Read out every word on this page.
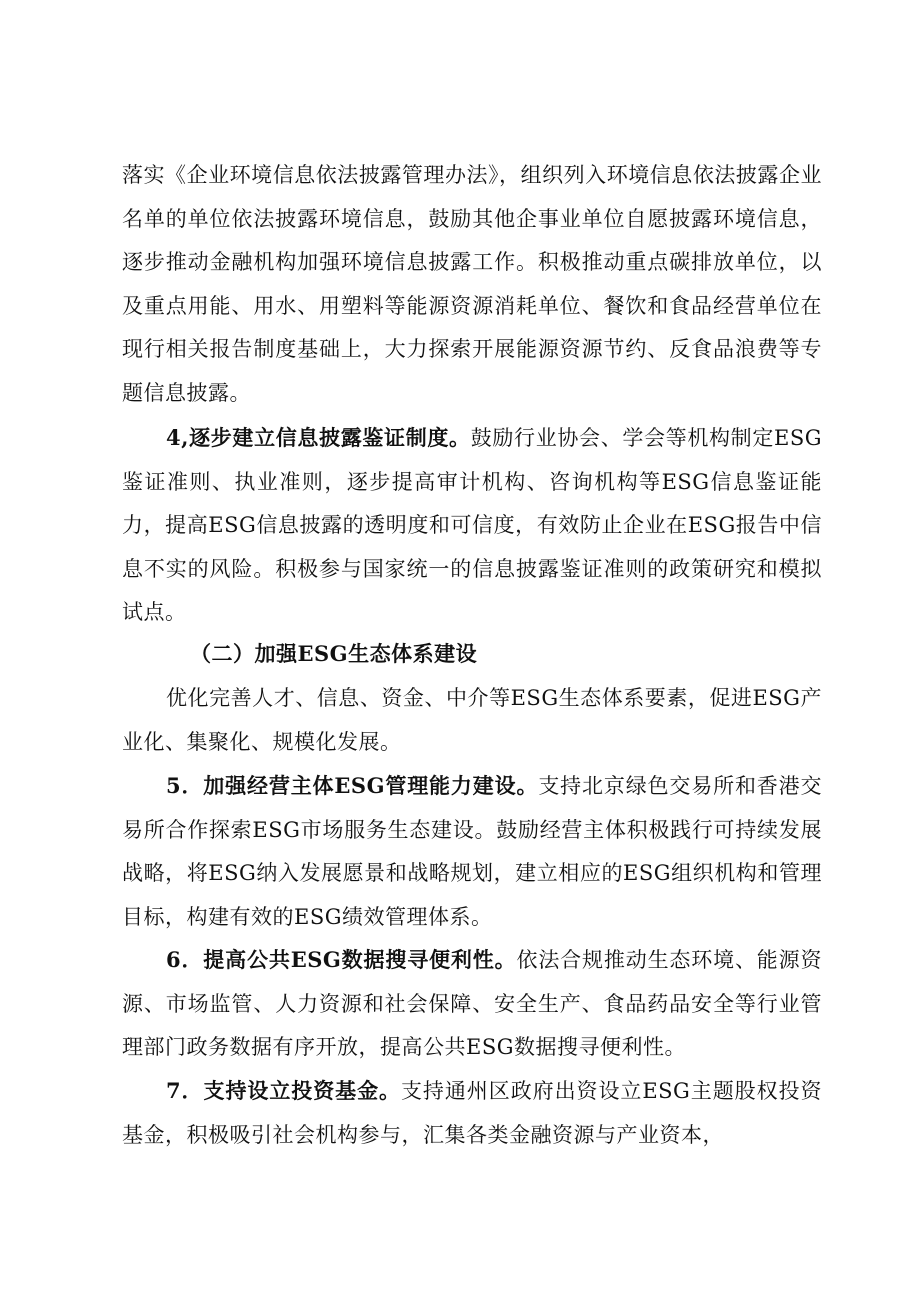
落实《企业环境信息依法披露管理办法》，组织列入环境信息依法披露企业名单的单位依法披露环境信息，鼓励其他企事业单位自愿披露环境信息，逐步推动金融机构加强环境信息披露工作。积极推动重点碳排放单位，以及重点用能、用水、用塑料等能源资源消耗单位、餐饮和食品经营单位在现行相关报告制度基础上，大力探索开展能源资源节约、反食品浪费等专题信息披露。

4,逐步建立信息披露鉴证制度。鼓励行业协会、学会等机构制定ESG鉴证准则、执业准则，逐步提高审计机构、咨询机构等ESG信息鉴证能力，提高ESG信息披露的透明度和可信度，有效防止企业在ESG报告中信息不实的风险。积极参与国家统一的信息披露鉴证准则的政策研究和模拟试点。

（二）加强ESG生态体系建设

优化完善人才、信息、资金、中介等ESG生态体系要素，促进ESG产业化、集聚化、规模化发展。

5．加强经营主体ESG管理能力建设。支持北京绿色交易所和香港交易所合作探索ESG市场服务生态建设。鼓励经营主体积极践行可持续发展战略，将ESG纳入发展愿景和战略规划，建立相应的ESG组织机构和管理目标，构建有效的ESG绩效管理体系。

6．提高公共ESG数据搜寻便利性。依法合规推动生态环境、能源资源、市场监管、人力资源和社会保障、安全生产、食品药品安全等行业管理部门政务数据有序开放，提高公共ESG数据搜寻便利性。

7．支持设立投资基金。支持通州区政府出资设立ESG主题股权投资基金，积极吸引社会机构参与，汇集各类金融资源与产业资本，
